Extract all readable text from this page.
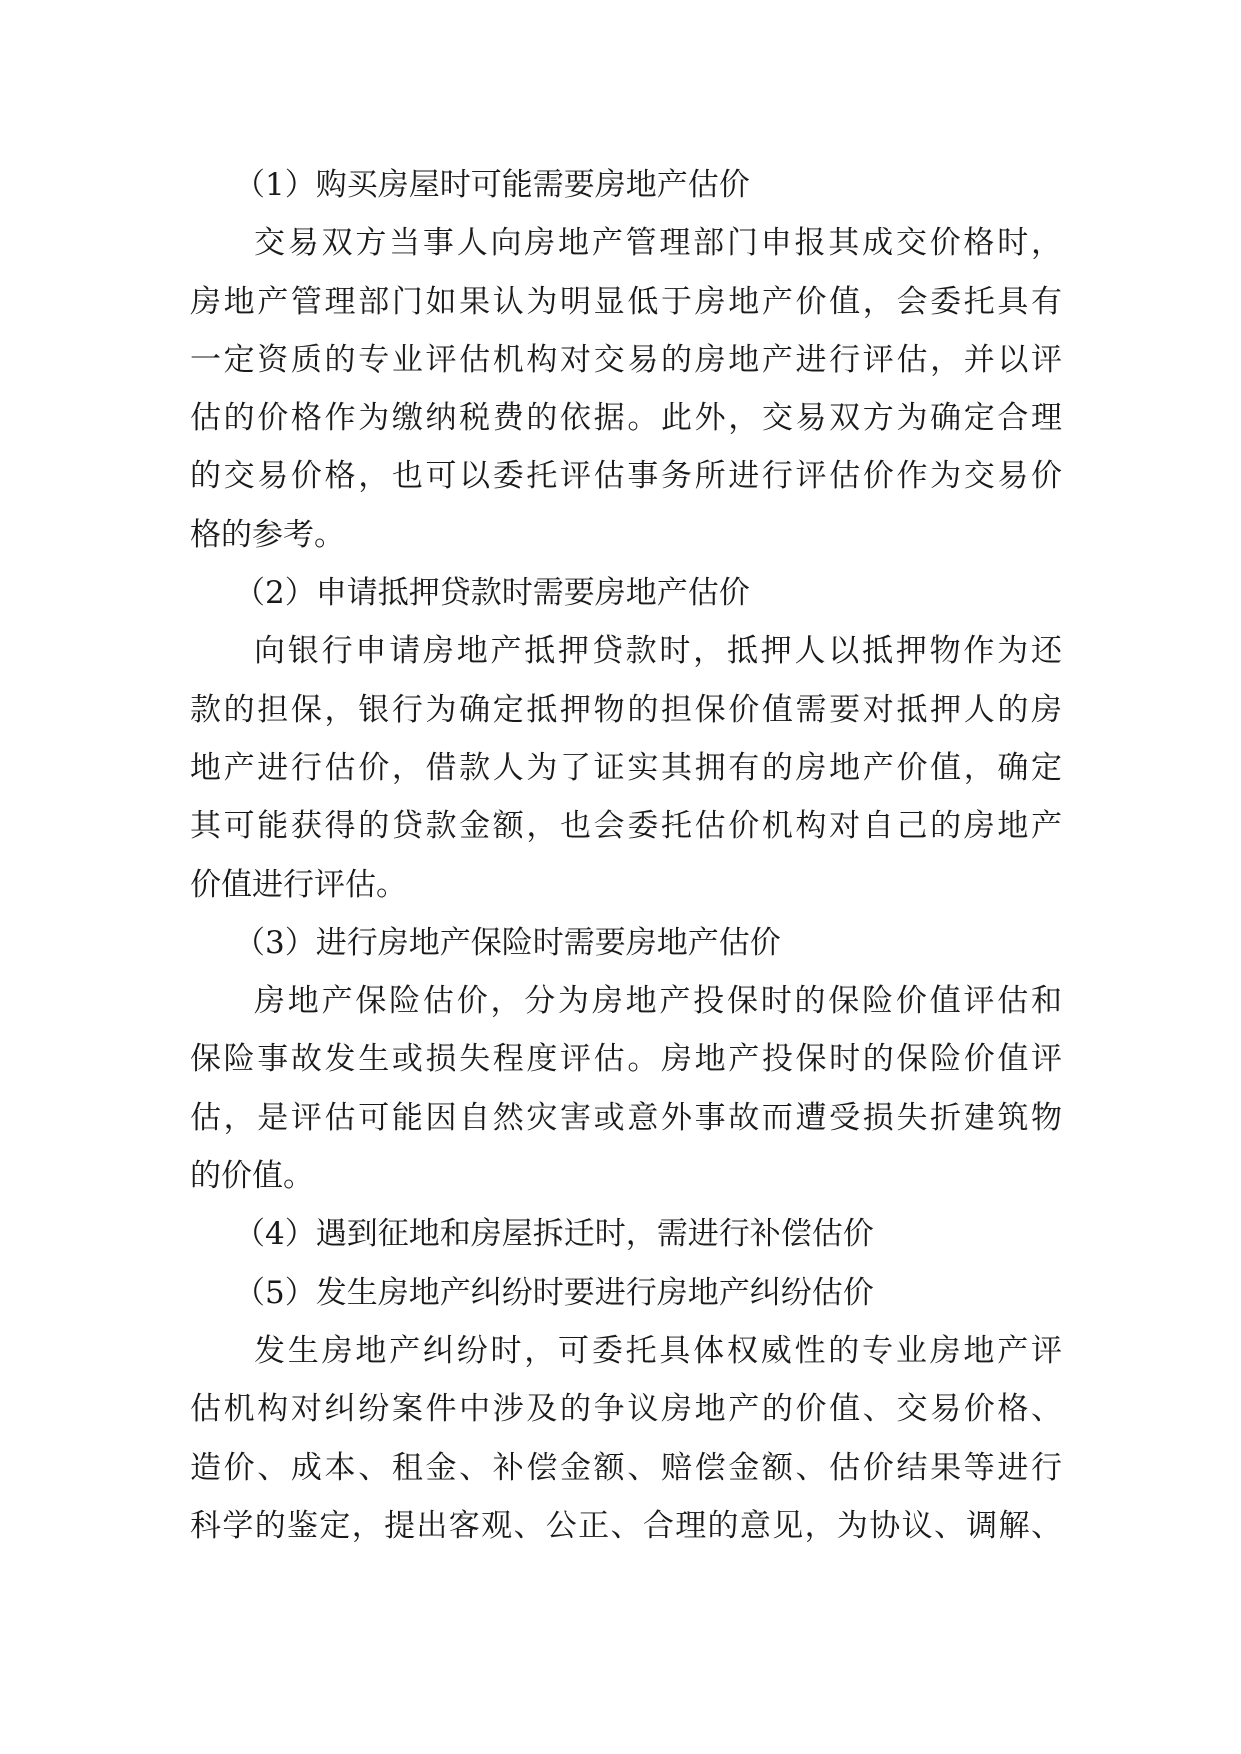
（1）购买房屋时可能需要房地产估价
交易双方当事人向房地产管理部门申报其成交价格时，
房地产管理部门如果认为明显低于房地产价值，会委托具有
一定资质的专业评估机构对交易的房地产进行评估，并以评
估的价格作为缴纳税费的依据。此外，交易双方为确定合理
的交易价格，也可以委托评估事务所进行评估价作为交易价
格的参考。
（2）申请抵押贷款时需要房地产估价
向银行申请房地产抵押贷款时，抵押人以抵押物作为还
款的担保，银行为确定抵押物的担保价值需要对抵押人的房
地产进行估价，借款人为了证实其拥有的房地产价值，确定
其可能获得的贷款金额，也会委托估价机构对自己的房地产
价值进行评估。
（3）进行房地产保险时需要房地产估价
房地产保险估价，分为房地产投保时的保险价值评估和
保险事故发生或损失程度评估。房地产投保时的保险价值评
估，是评估可能因自然灾害或意外事故而遭受损失折建筑物
的价值。
（4）遇到征地和房屋拆迁时，需进行补偿估价
（5）发生房地产纠纷时要进行房地产纠纷估价
发生房地产纠纷时，可委托具体权威性的专业房地产评
估机构对纠纷案件中涉及的争议房地产的价值、交易价格、
造价、成本、租金、补偿金额、赔偿金额、估价结果等进行
科学的鉴定，提出客观、公正、合理的意见，为协议、调解、
